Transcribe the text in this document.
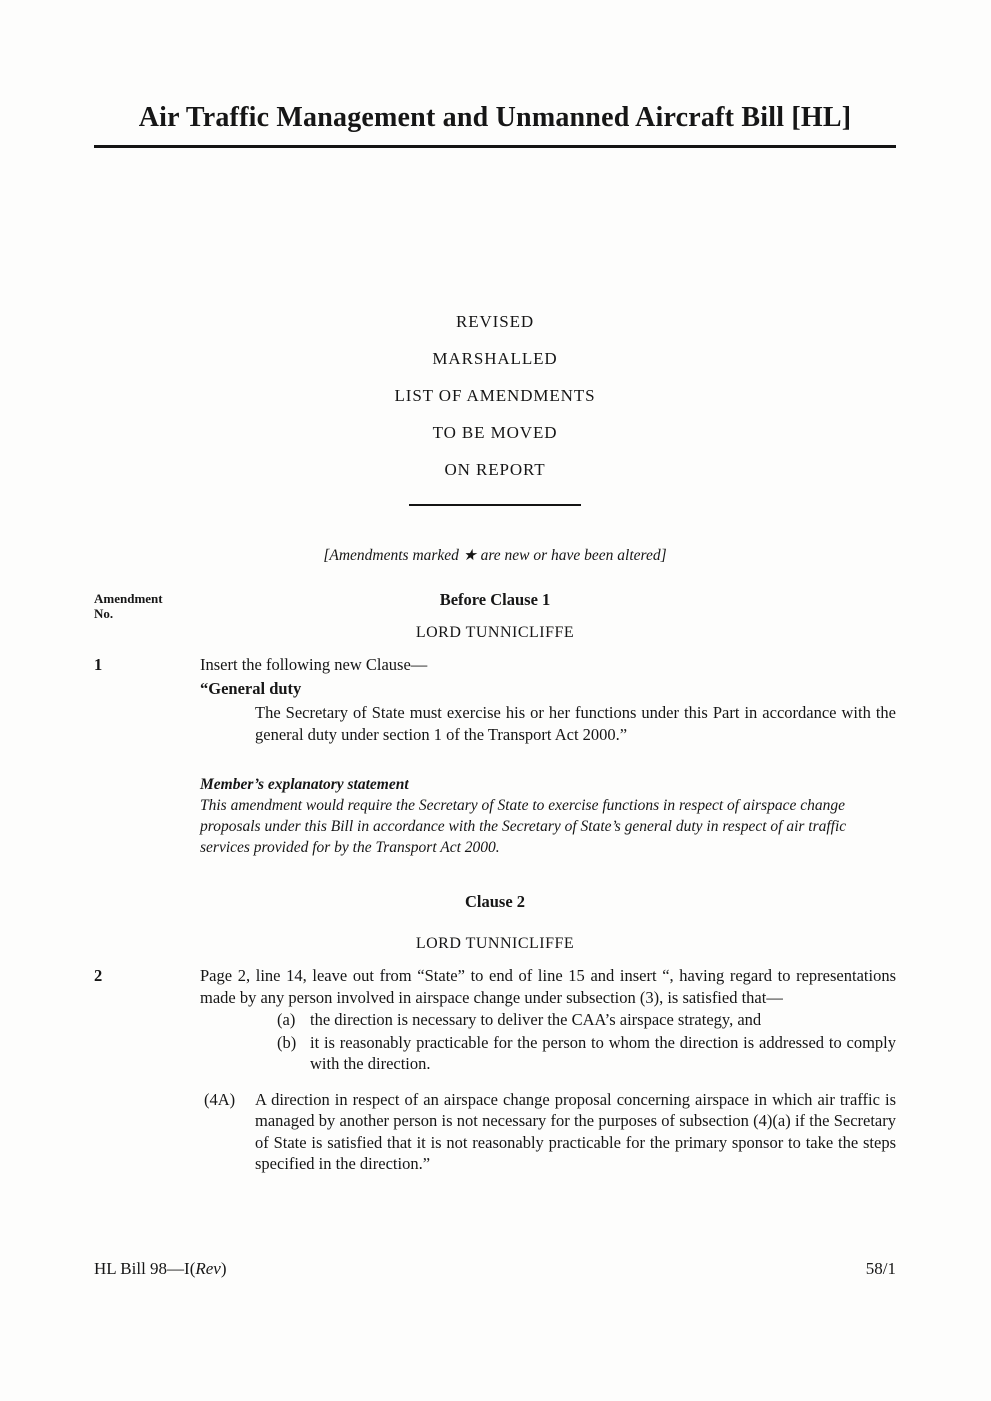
Air Traffic Management and Unmanned Aircraft Bill [HL]
REVISED
MARSHALLED
LIST OF AMENDMENTS
TO BE MOVED
ON REPORT
[Amendments marked ★ are new or have been altered]
Amendment
No.
Before Clause 1
LORD TUNNICLIFFE
1	Insert the following new Clause—
“General duty
The Secretary of State must exercise his or her functions under this Part in accordance with the general duty under section 1 of the Transport Act 2000.”
Member’s explanatory statement
This amendment would require the Secretary of State to exercise functions in respect of airspace change proposals under this Bill in accordance with the Secretary of State’s general duty in respect of air traffic services provided for by the Transport Act 2000.
Clause 2
LORD TUNNICLIFFE
2	Page 2, line 14, leave out from “State” to end of line 15 and insert “, having regard to representations made by any person involved in airspace change under subsection (3), is satisfied that—
(a) the direction is necessary to deliver the CAA’s airspace strategy, and
(b) it is reasonably practicable for the person to whom the direction is addressed to comply with the direction.
(4A) A direction in respect of an airspace change proposal concerning airspace in which air traffic is managed by another person is not necessary for the purposes of subsection (4)(a) if the Secretary of State is satisfied that it is not reasonably practicable for the primary sponsor to take the steps specified in the direction.”
HL Bill 98—I(Rev)	58/1
